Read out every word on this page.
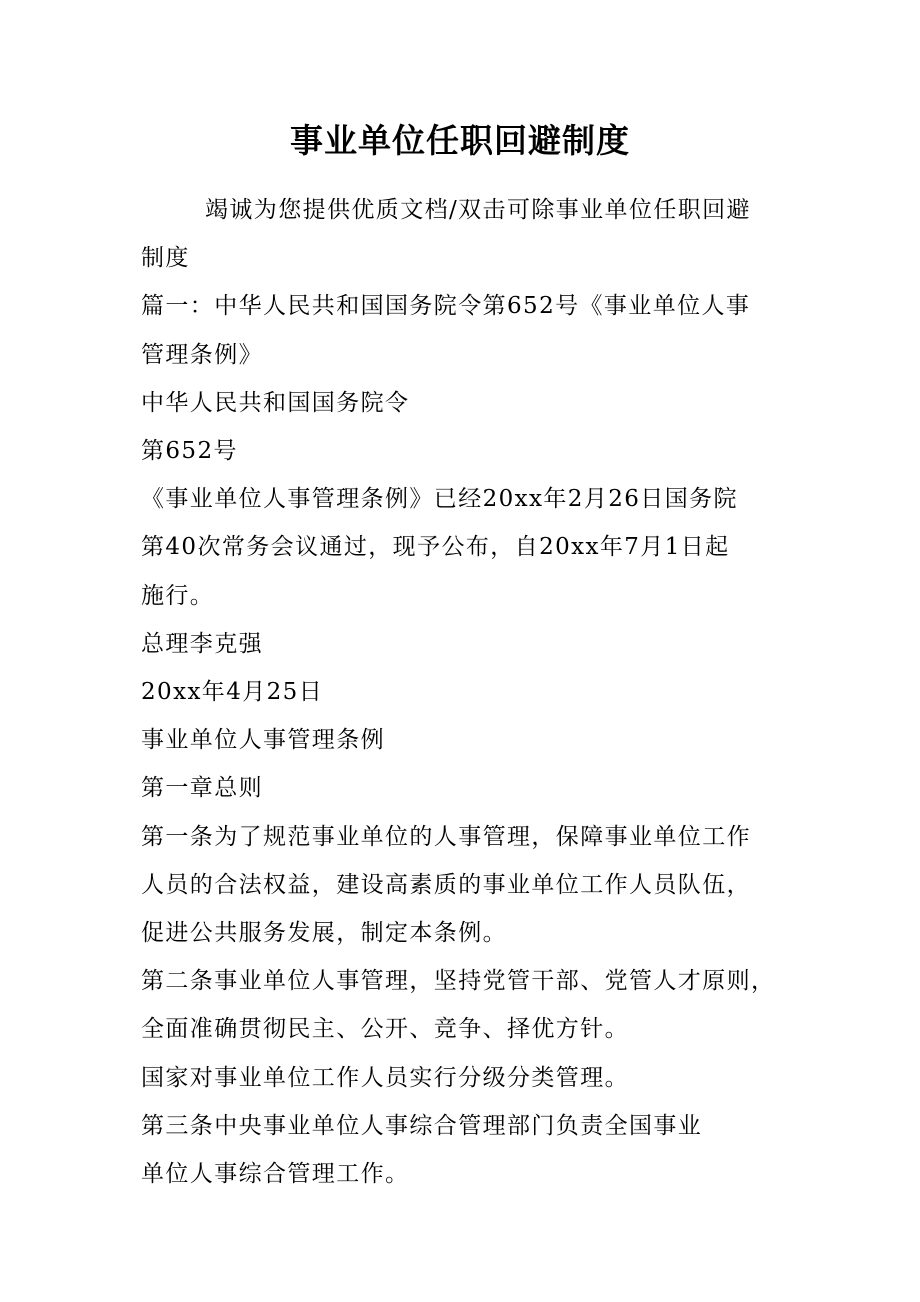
事业单位任职回避制度

竭诚为您提供优质文档/双击可除事业单位任职回避
制度

篇一：中华人民共和国国务院令第652号《事业单位人事
管理条例》

中华人民共和国国务院令

第652号

《事业单位人事管理条例》已经20xx年2月26日国务院
第40次常务会议通过，现予公布，自20xx年7月1日起
施行。

总理李克强

20xx年4月25日

事业单位人事管理条例

第一章总则

第一条为了规范事业单位的人事管理，保障事业单位工作
人员的合法权益，建设高素质的事业单位工作人员队伍，
促进公共服务发展，制定本条例。

第二条事业单位人事管理，坚持党管干部、党管人才原则，
全面准确贯彻民主、公开、竞争、择优方针。

国家对事业单位工作人员实行分级分类管理。

第三条中央事业单位人事综合管理部门负责全国事业
单位人事综合管理工作。
